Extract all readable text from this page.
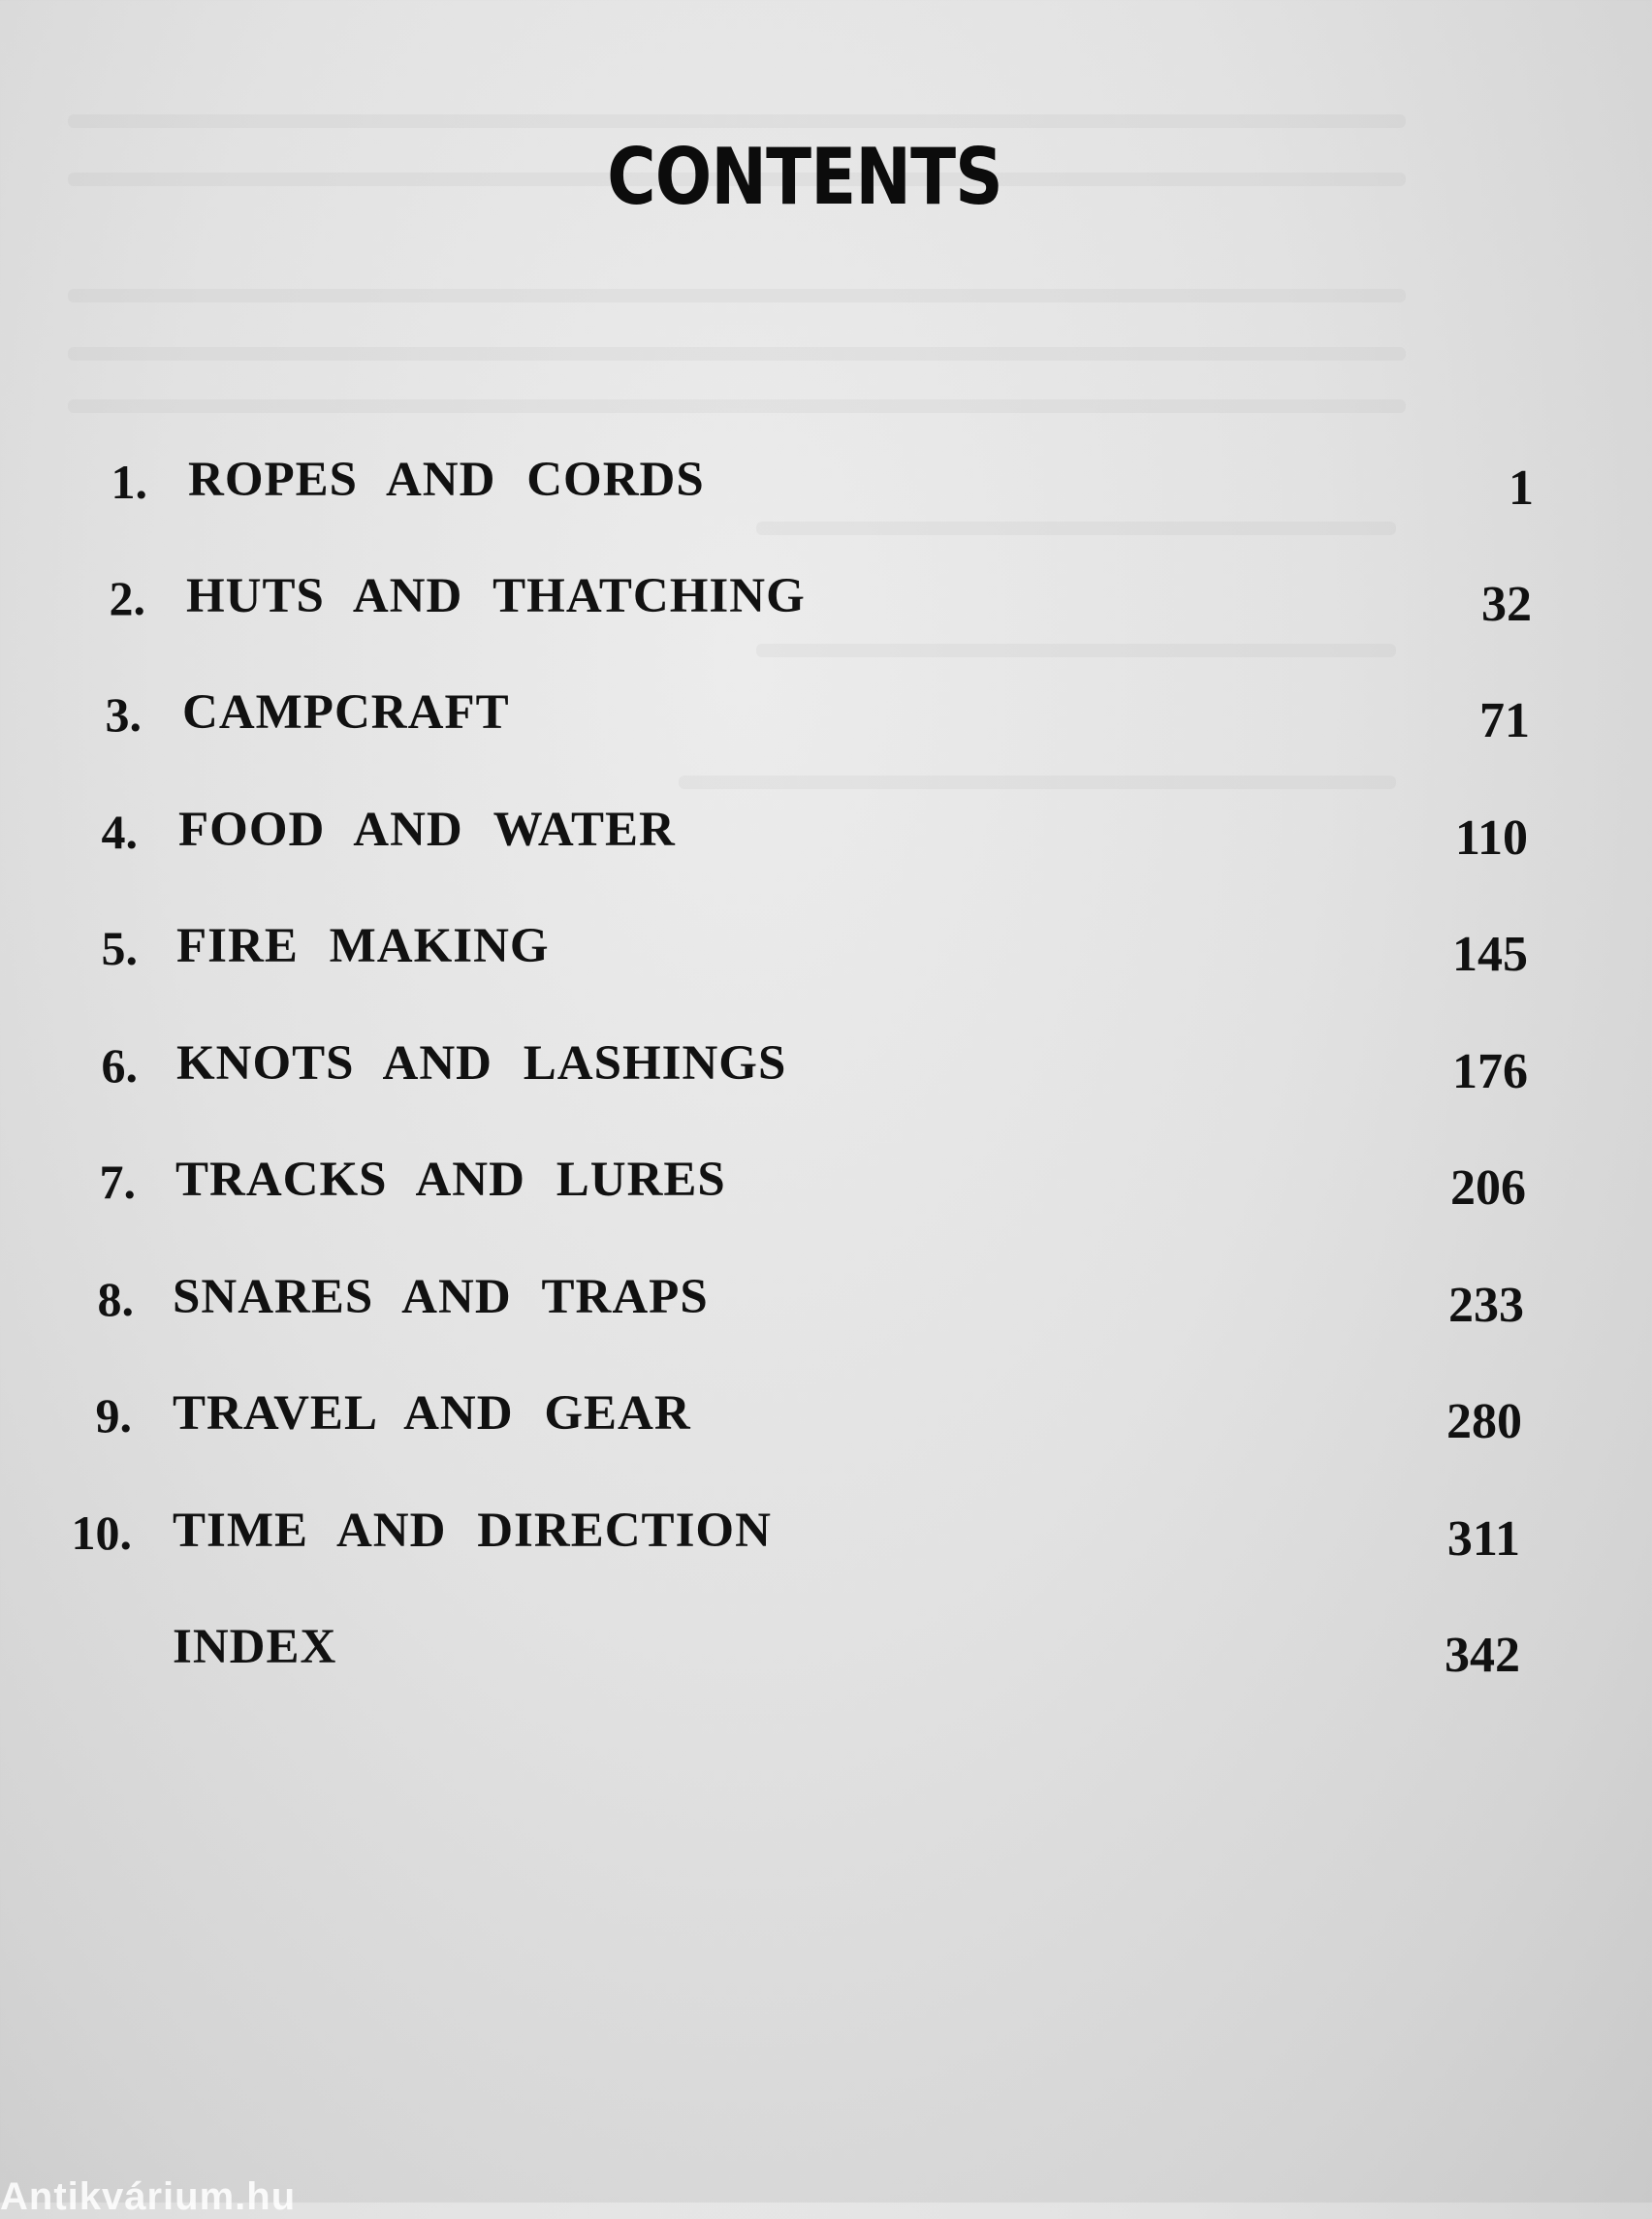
CONTENTS
1. ROPES AND CORDS	1
2. HUTS AND THATCHING	32
3. CAMPCRAFT	71
4. FOOD AND WATER	110
5. FIRE MAKING	145
6. KNOTS AND LASHINGS	176
7. TRACKS AND LURES	206
8. SNARES AND TRAPS	233
9. TRAVEL AND GEAR	280
10. TIME AND DIRECTION	311
INDEX	342
Antikvárium.hu
